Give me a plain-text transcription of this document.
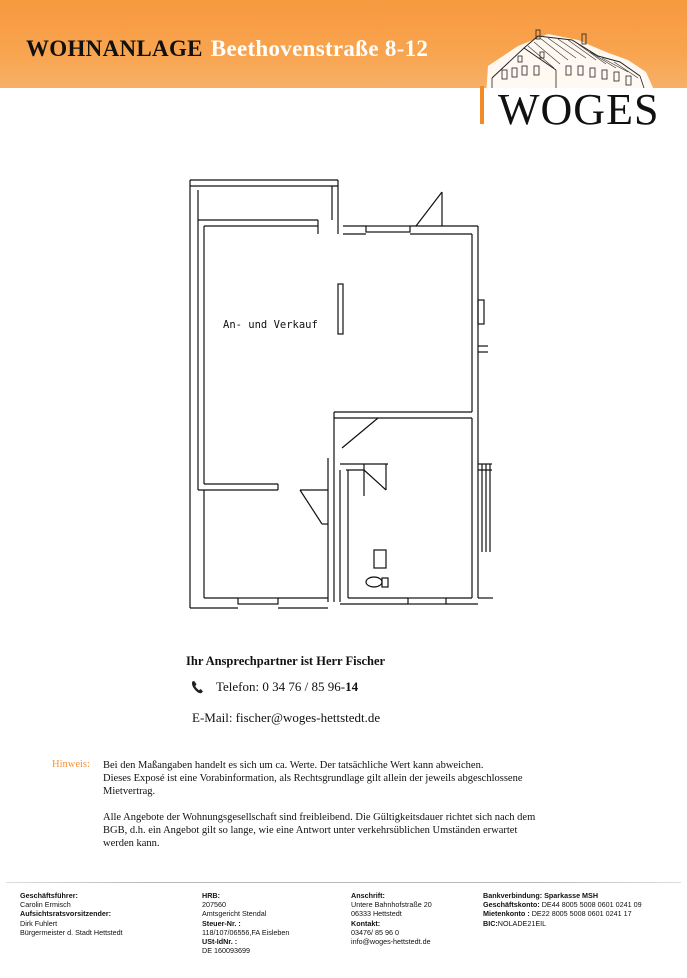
WOHNANLAGE Beethovenstraße 8-12
WOGES
An- und Verkauf
Ihr Ansprechpartner ist Herr Fischer
Telefon: 0 34 76 / 85 96- 14
E-Mail: fischer@woges-hettstedt.de
Hinweis: Bei den Maßangaben handelt es sich um ca. Werte. Der tatsächliche Wert kann abweichen.
Dieses Exposé ist eine Vorabinformation, als Rechtsgrundlage gilt allein der jeweils abgeschlossene
Mietvertrag.

Alle Angebote der Wohnungsgesellschaft sind freibleibend. Die Gültigkeitsdauer richtet sich nach dem
BGB, d.h. ein Angebot gilt so lange, wie eine Antwort unter verkehrsüblichen Umständen erwartet
werden kann.

Geschäftsführer:
Carolin Ermisch
Aufsichtsratsvorsitzender:
Dirk Fuhlert
Bürgermeister d. Stadt Hettstedt
HRB:
207560
Amtsgericht Stendal
Steuer-Nr. :
118/107/06556,FA Eisleben
USt-IdNr. :
DE 160093699
Anschrift:
Untere Bahnhofstraße 20
06333 Hettstedt
Kontakt:
03476/ 85 96 0
info@woges-hettstedt.de
Bankverbindung: Sparkasse MSH
Geschäftskonto: DE44 8005 5008 0601 0241 09
Mietenkonto : DE22 8005 5008 0601 0241 17
BIC:NOLADE21EIL
